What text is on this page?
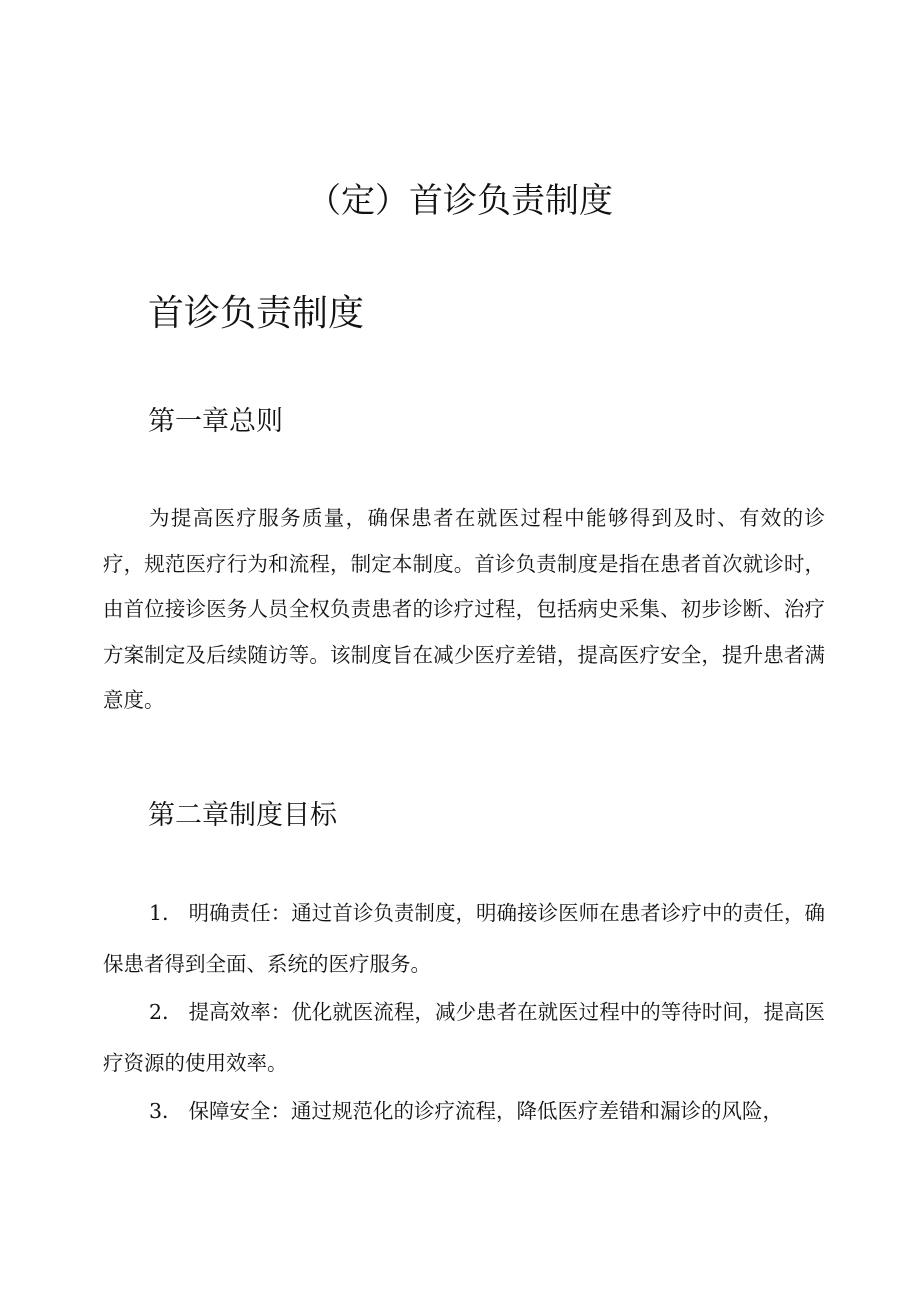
（定）首诊负责制度
首诊负责制度
第一章总则

为提高医疗服务质量，确保患者在就医过程中能够得到及时、有效的诊疗，规范医疗行为和流程，制定本制度。首诊负责制度是指在患者首次就诊时，由首位接诊医务人员全权负责患者的诊疗过程，包括病史采集、初步诊断、治疗方案制定及后续随访等。该制度旨在减少医疗差错，提高医疗安全，提升患者满意度。

第二章制度目标

1． 明确责任：通过首诊负责制度，明确接诊医师在患者诊疗中的责任，确保患者得到全面、系统的医疗服务。

2． 提高效率：优化就医流程，减少患者在就医过程中的等待时间，提高医疗资源的使用效率。

3． 保障安全：通过规范化的诊疗流程，降低医疗差错和漏诊的风险，
